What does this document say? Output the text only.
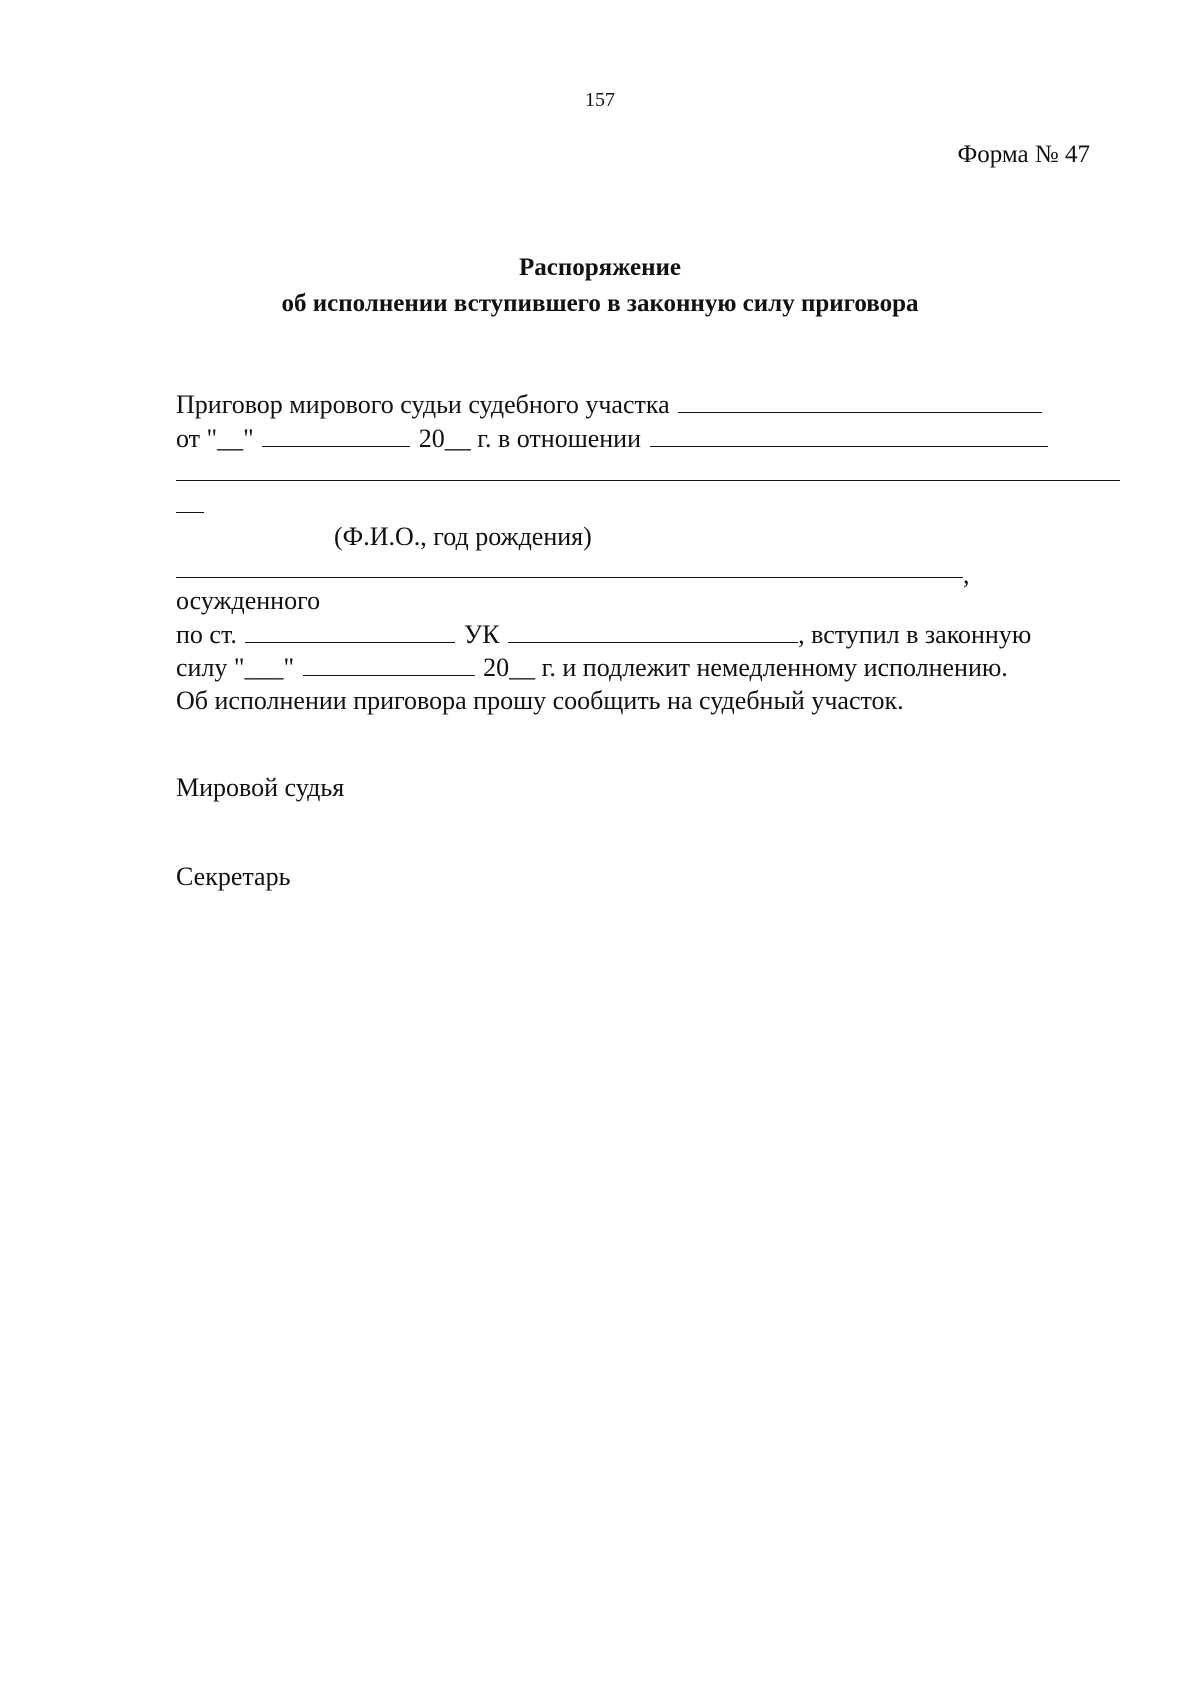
157
Форма № 47
Распоряжение
об исполнении вступившего в законную силу приговора
Приговор мирового судьи судебного участка
от "__"	20__ г. в отношении
(Ф.И.О., год рождения)
,
осужденного
по ст.	УК	, вступил в законную
силу "___"	20__ г. и подлежит немедленному исполнению.
Об исполнении приговора прошу сообщить на судебный участок.
Мировой судья
Секретарь
